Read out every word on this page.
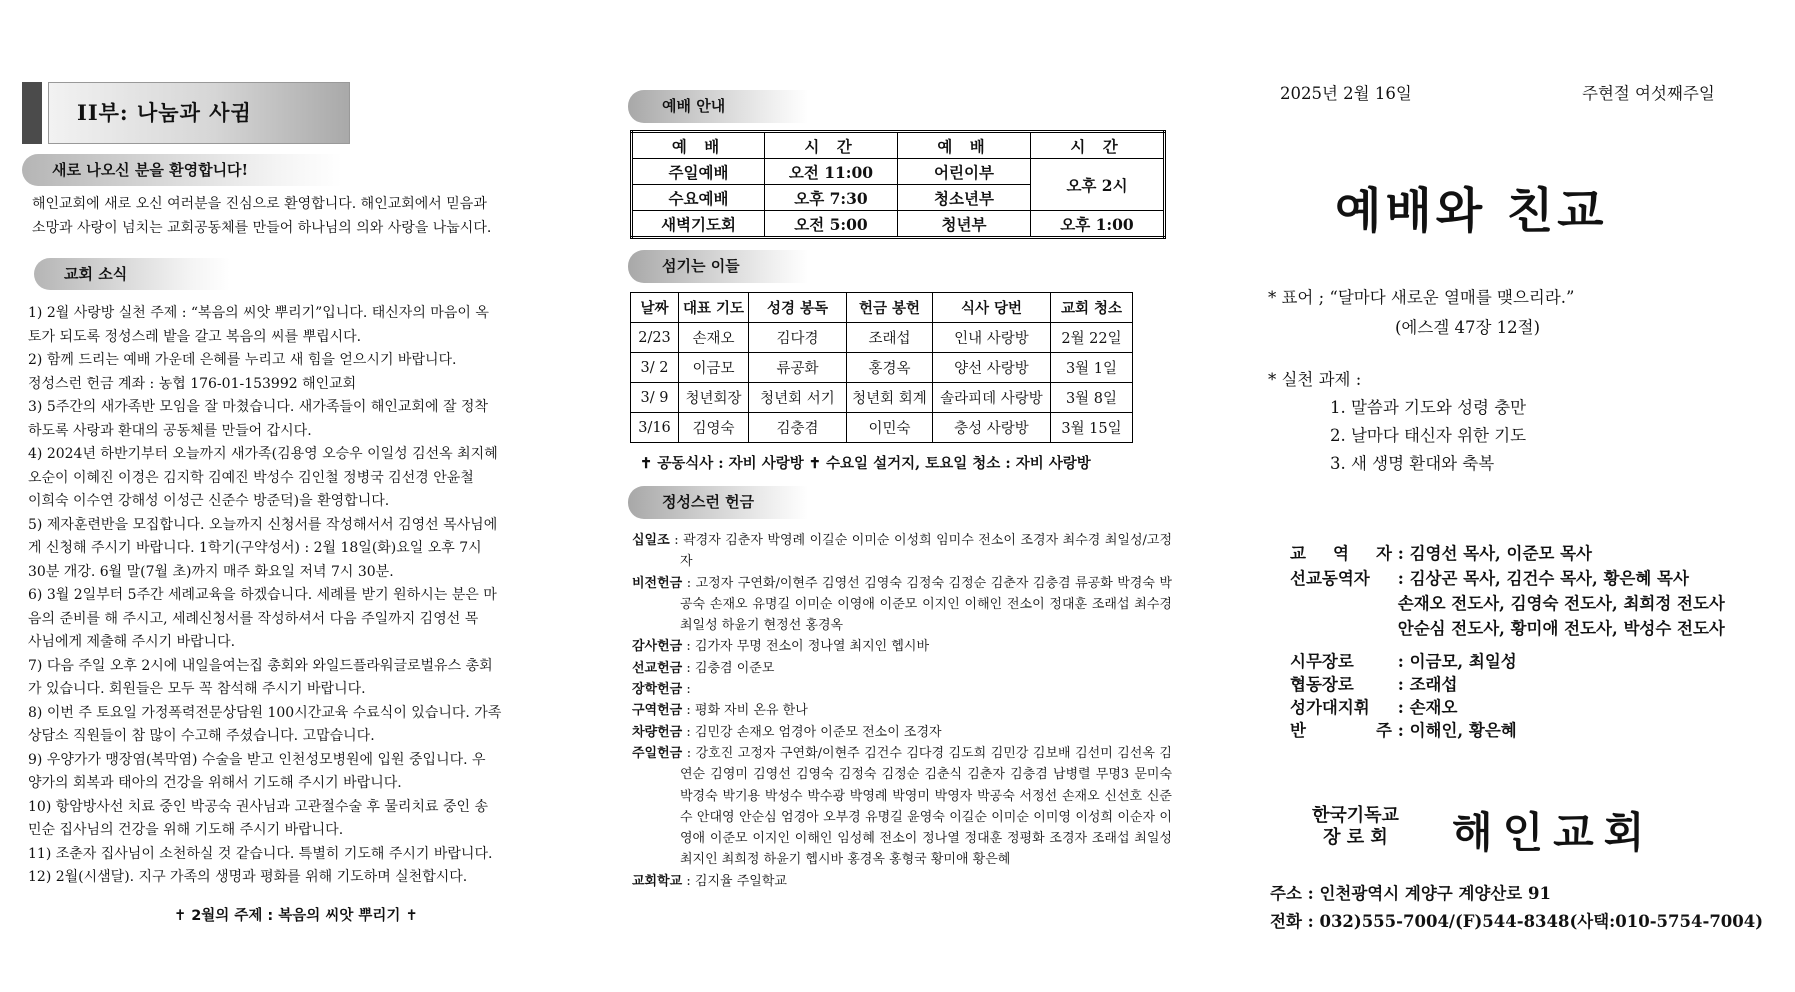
II부: 나눔과 사귐
새로 나오신 분을 환영합니다!
해인교회에 새로 오신 여러분을 진심으로 환영합니다. 해인교회에서 믿음과
소망과 사랑이 넘치는 교회공동체를 만들어 하나님의 의와 사랑을 나눕시다.
교회 소식
1) 2월 사랑방 실천 주제 : “복음의 씨앗 뿌리기”입니다. 태신자의 마음이 옥
토가 되도록 정성스레 밭을 갈고 복음의 씨를 뿌립시다.
2) 함께 드리는 예배 가운데 은혜를 누리고 새 힘을 얻으시기 바랍니다.
정성스런 헌금 계좌 : 농협 176-01-153992 해인교회
3) 5주간의 새가족반 모임을 잘 마쳤습니다. 새가족들이 해인교회에 잘 정착
하도록 사랑과 환대의 공동체를 만들어 갑시다.
4) 2024년 하반기부터 오늘까지 새가족(김용영 오승우 이일성 김선옥 최지혜
오순이 이혜진 이경은 김지학 김예진 박성수 김인철 정병국 김선경 안윤철
이희숙 이수연 강해성 이성근 신준수 방준덕)을 환영합니다.
5) 제자훈련반을 모집합니다. 오늘까지 신청서를 작성해서서 김영선 목사님에
게 신청해 주시기 바랍니다. 1학기(구약성서) : 2월 18일(화)요일 오후 7시
30분 개강. 6월 말(7월 초)까지 매주 화요일 저녁 7시 30분.
6) 3월 2일부터 5주간 세례교육을 하겠습니다. 세례를 받기 원하시는 분은 마
음의 준비를 해 주시고, 세례신청서를 작성하셔서 다음 주일까지 김영선 목
사님에게 제출해 주시기 바랍니다.
7) 다음 주일 오후 2시에 내일을여는집 총회와 와일드플라워글로벌유스 총회
가 있습니다. 회원들은 모두 꼭 참석해 주시기 바랍니다.
8) 이번 주 토요일 가정폭력전문상담원 100시간교육 수료식이 있습니다. 가족
상담소 직원들이 참 많이 수고해 주셨습니다. 고맙습니다.
9) 우양가가 맹장염(복막염) 수술을 받고 인천성모병원에 입원 중입니다. 우
양가의 회복과 태아의 건강을 위해서 기도해 주시기 바랍니다.
10) 항암방사선 치료 중인 박공숙 권사님과 고관절수술 후 물리치료 중인 송
민순 집사님의 건강을 위해 기도해 주시기 바랍니다.
11) 조춘자 집사님이 소천하실 것 같습니다. 특별히 기도해 주시기 바랍니다.
12) 2월(시샘달). 지구 가족의 생명과 평화를 위해 기도하며 실천합시다.
✝ 2월의 주제 : 복음의 씨앗 뿌리기 ✝
예배 안내
예 배	시 간	예 배	시 간
주일예배	오전 11:00	어린이부	오후 2시
수요예배	오후 7:30	청소년부	
새벽기도회	오전 5:00	청년부	오후 1:00
섬기는 이들
날짜	대표 기도	성경 봉독	헌금 봉헌	식사 당번	교회 청소
2/23	손재오	김다경	조래섭	인내 사랑방	2월 22일
3/ 2	이금모	류공화	홍경옥	양선 사랑방	3월 1일
3/ 9	청년회장	청년회 서기	청년회 회계	솔라피데 사랑방	3월 8일
3/16	김영숙	김충겸	이민숙	충성 사랑방	3월 15일
✝ 공동식사 : 자비 사랑방 ✝ 수요일 설거지, 토요일 청소 : 자비 사랑방
정성스런 헌금
십일조 : 곽경자 김춘자 박영례 이길순 이미순 이성희 임미수 전소이 조경자 최수경 최일성/고정자
비전헌금 : 고정자 구연화/이현주 김영선 김영숙 김정숙 김정순 김춘자 김충겸 류공화 박경숙 박공숙 손재오 유명길 이미순 이영애 이준모 이지인 이해인 전소이 정대훈 조래섭 최수경 최일성 하윤기 현정선 홍경옥
감사헌금 : 김가자 무명 전소이 정나열 최지인 헵시바
선교헌금 : 김충겸 이준모
장학헌금 :
구역헌금 : 평화 자비 온유 한나
차량헌금 : 김민강 손재오 엄경아 이준모 전소이 조경자
주일헌금 : 강호진 고정자 구연화/이현주 김건수 김다경 김도희 김민강 김보배 김선미 김선옥 김연순 김영미 김영선 김영숙 김정숙 김정순 김춘식 김춘자 김충겸 남병렬 무명3 문미숙 박경숙 박기용 박성수 박수광 박영례 박영미 박영자 박공숙 서정선 손재오 신선호 신준수 안대영 안순심 엄경아 오부경 유명길 윤영숙 이길순 이미순 이미영 이성희 이순자 이영애 이준모 이지인 이해인 임성혜 전소이 정나열 정대훈 정평화 조경자 조래섭 최일성 최지인 최희정 하윤기 헵시바 홍경옥 홍형국 황미애 황은혜
교회학교 : 김지율 주일학교
2025년 2월 16일	주현절 여섯째주일
예배와 친교
* 표어 ; “달마다 새로운 열매를 맺으리라.”
(에스겔 47장 12절)
* 실천 과제 :
1. 말씀과 기도와 성령 충만
2. 날마다 태신자 위한 기도
3. 새 생명 환대와 축복
교 역 자 : 김영선 목사, 이준모 목사
선교동역자 : 김상곤 목사, 김건수 목사, 황은혜 목사
손재오 전도사, 김영숙 전도사, 최희정 전도사
안순심 전도사, 황미애 전도사, 박성수 전도사
시무장로 : 이금모, 최일성
협동장로 : 조래섭
성가대지휘 : 손재오
반 주 : 이해인, 황은혜
한국기독교
장 로 회 해인교회
주소 : 인천광역시 계양구 계양산로 91
전화 : 032)555-7004/(F)544-8348(사택:010-5754-7004)
